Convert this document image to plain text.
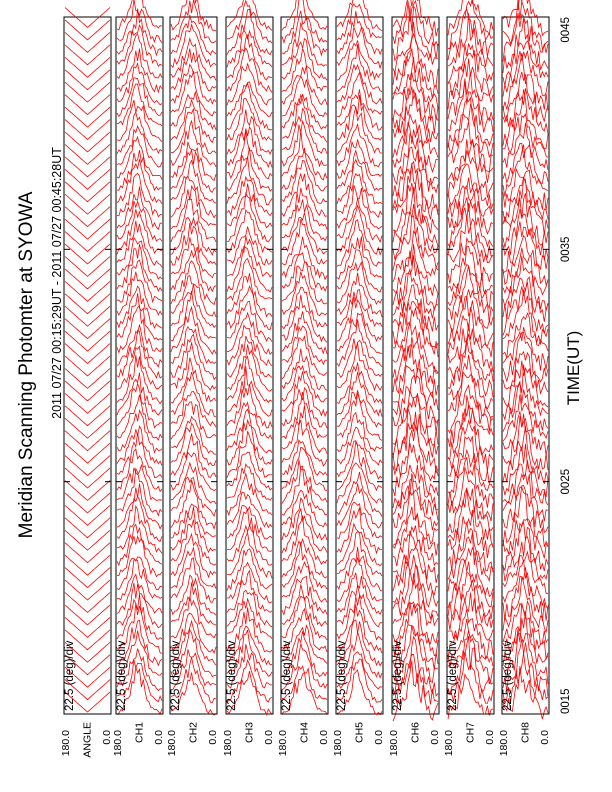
22.5 (deg)/div
180.0 ANGLE 0.0
22.5 (deg)/div
180.0 CH1 0.0
22.5 (deg)/div
180.0 CH2 0.0
22.5 (deg)/div
180.0 CH3 0.0
22.5 (deg)/div
180.0 CH4 0.0
22.5 (deg)/div
180.0 CH5 0.0
22.5 (deg)/div
180.0 CH6 0.0
22.5 (deg)/div
180.0 CH7 0.0
22.5 (deg)/div
180.0 CH8 0.0
Meridian Scanning Photomter at SYOWA 2011 07/27 00:15:29UT - 2011 07/27 00:45:28UT	TIME(UT)
0015
0025
0035
0045
